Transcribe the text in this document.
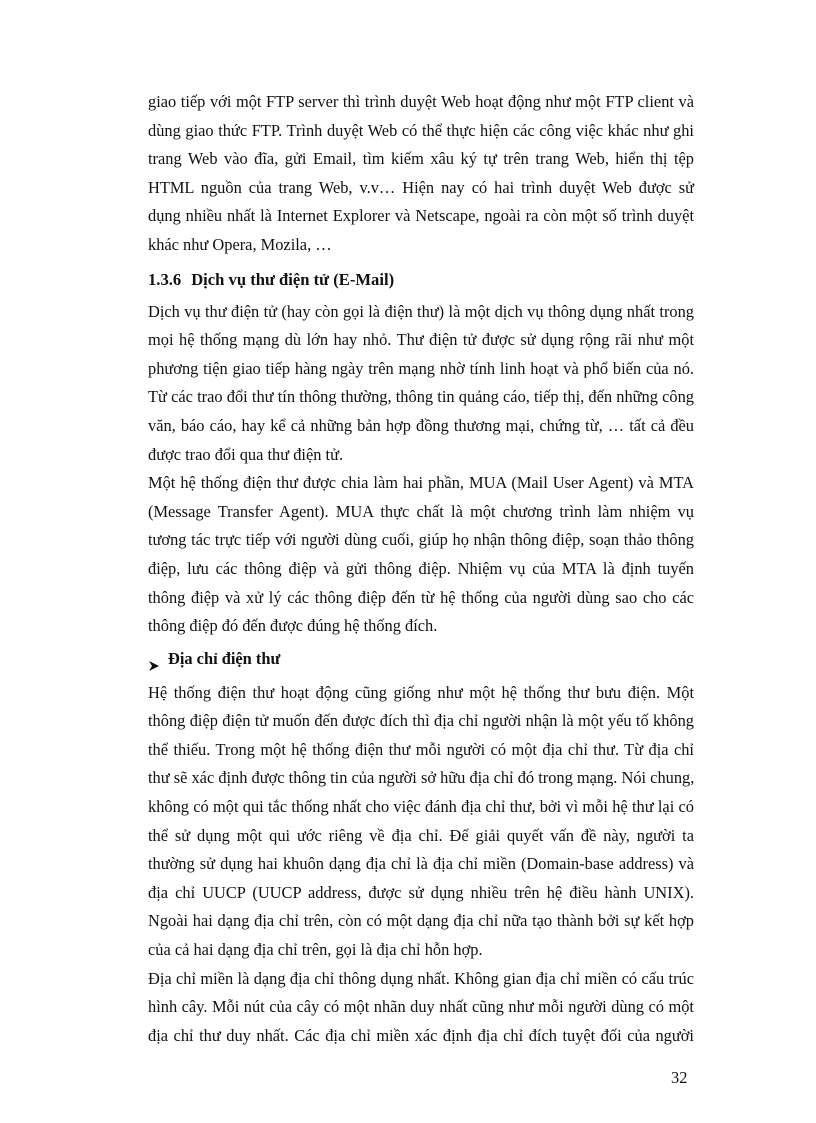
giao tiếp với một FTP server thì trình duyệt Web hoạt động như một FTP client và
dùng giao thức FTP. Trình duyệt Web có thể thực hiện các công việc khác như ghi
trang Web vào đĩa, gửi Email, tìm kiếm xâu ký tự trên trang Web, hiển thị tệp
HTML nguồn của trang Web, v.v… Hiện nay có hai trình duyệt Web được sử
dụng nhiều nhất là Internet Explorer và Netscape, ngoài ra còn một số trình duyệt
khác như Opera, Mozila, …

1.3.6 Dịch vụ thư điện tử (E-Mail)

Dịch vụ thư điện tử (hay còn gọi là điện thư) là một dịch vụ thông dụng nhất trong
mọi hệ thống mạng dù lớn hay nhỏ. Thư điện tử được sử dụng rộng rãi như một
phương tiện giao tiếp hàng ngày trên mạng nhờ tính linh hoạt và phổ biến của nó.
Từ các trao đổi thư tín thông thường, thông tin quảng cáo, tiếp thị, đến những công
văn, báo cáo, hay kể cả những bản hợp đồng thương mại, chứng từ, … tất cả đều
được trao đổi qua thư điện tử.

Một hệ thống điện thư được chia làm hai phần, MUA (Mail User Agent) và MTA
(Message Transfer Agent). MUA thực chất là một chương trình làm nhiệm vụ
tương tác trực tiếp với người dùng cuối, giúp họ nhận thông điệp, soạn thảo thông
điệp, lưu các thông điệp và gửi thông điệp. Nhiệm vụ của MTA là định tuyến
thông điệp và xử lý các thông điệp đến từ hệ thống của người dùng sao cho các
thông điệp đó đến được đúng hệ thống đích.

Địa chỉ điện thư

Hệ thống điện thư hoạt động cũng giống như một hệ thống thư bưu điện. Một
thông điệp điện tử muốn đến được đích thì địa chỉ người nhận là một yếu tố không
thể thiếu. Trong một hệ thống điện thư mỗi người có một địa chỉ thư. Từ địa chỉ
thư sẽ xác định được thông tin của người sở hữu địa chỉ đó trong mạng. Nói chung,
không có một qui tắc thống nhất cho việc đánh địa chỉ thư, bởi vì mỗi hệ thư lại có
thể sử dụng một qui ước riêng về địa chỉ. Để giải quyết vấn đề này, người ta
thường sử dụng hai khuôn dạng địa chỉ là địa chỉ miền (Domain-base address) và
địa chỉ UUCP (UUCP address, được sử dụng nhiều trên hệ điều hành UNIX).
Ngoài hai dạng địa chỉ trên, còn có một dạng địa chỉ nữa tạo thành bởi sự kết hợp
của cả hai dạng địa chỉ trên, gọi là địa chỉ hỗn hợp.

Địa chỉ miền là dạng địa chỉ thông dụng nhất. Không gian địa chỉ miền có cấu trúc
hình cây. Mỗi nút của cây có một nhãn duy nhất cũng như mỗi người dùng có một
địa chỉ thư duy nhất. Các địa chỉ miền xác định địa chỉ đích tuyệt đối của người

32
